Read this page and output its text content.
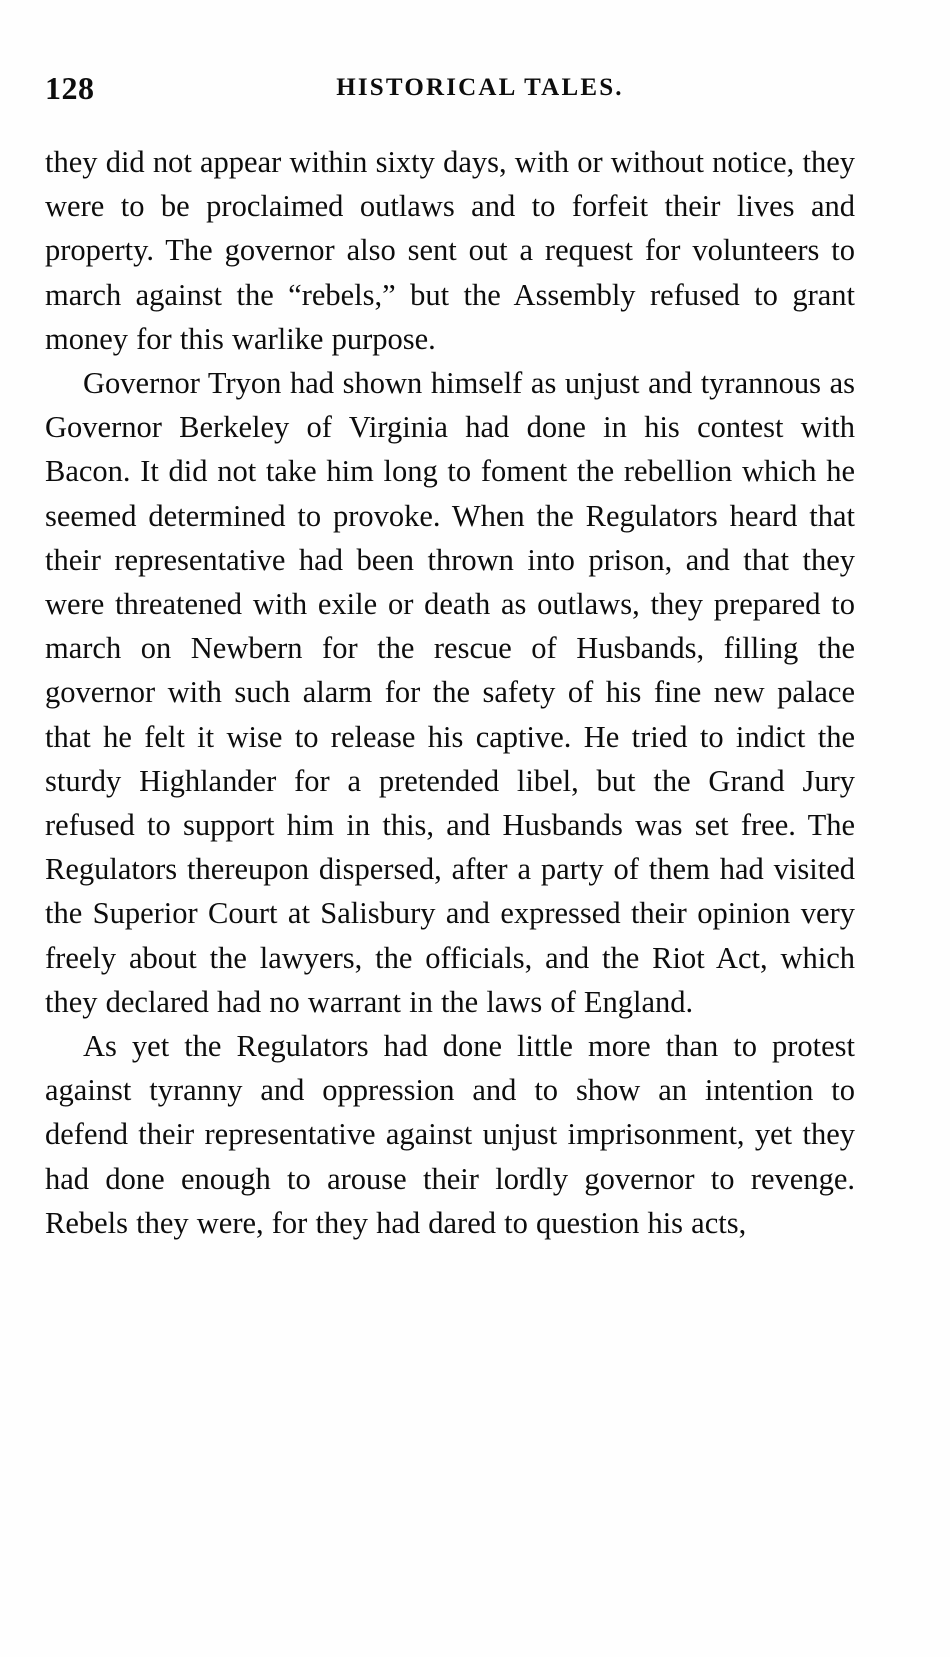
128	HISTORICAL TALES.

they did not appear within sixty days, with or without notice, they were to be proclaimed outlaws and to forfeit their lives and property. The governor also sent out a request for volunteers to march against the “rebels,” but the Assembly refused to grant money for this warlike purpose.

Governor Tryon had shown himself as unjust and tyrannous as Governor Berkeley of Virginia had done in his contest with Bacon. It did not take him long to foment the rebellion which he seemed determined to provoke. When the Regulators heard that their representative had been thrown into prison, and that they were threatened with exile or death as outlaws, they prepared to march on Newbern for the rescue of Husbands, filling the governor with such alarm for the safety of his fine new palace that he felt it wise to release his captive. He tried to indict the sturdy Highlander for a pretended libel, but the Grand Jury refused to support him in this, and Husbands was set free. The Regulators thereupon dispersed, after a party of them had visited the Superior Court at Salisbury and expressed their opinion very freely about the lawyers, the officials, and the Riot Act, which they declared had no warrant in the laws of England.

As yet the Regulators had done little more than to protest against tyranny and oppression and to show an intention to defend their representative against unjust imprisonment, yet they had done enough to arouse their lordly governor to revenge. Rebels they were, for they had dared to question his acts,
